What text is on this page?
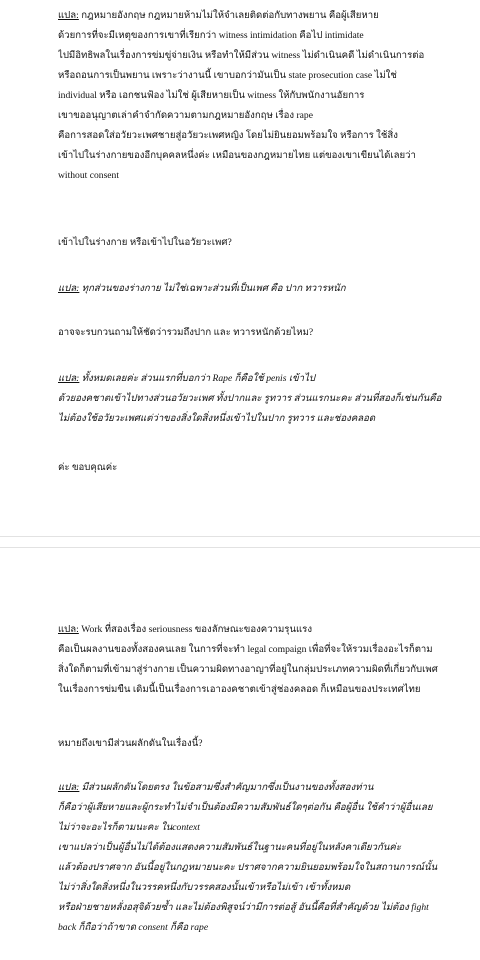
แปล: กฎหมายอังกฤษ กฎหมายห้ามไม่ให้จำเลยติดต่อกับทางพยาน คือผู้เสียหาย
ด้วยการที่จะมีเหตุของการเขาที่เรียกว่า witness intimidation คือไป intimidate
ไปมีอิทธิพลในเรื่องการข่มขู่จ่ายเงิน หรือทำให้มีส่วน witness ไม่ดำเนินคดี ไม่ดำเนินการต่อ
หรือถอนการเป็นพยาน เพราะว่างานนี้ เขาบอกว่ามันเป็น state prosecution case ไม่ใช่
individual หรือ เอกชนฟ้อง ไม่ใช่ ผู้เสียหายเป็น witness ให้กับพนักงานอัยการ
เขาขออนุญาตเล่าคำจำกัดความตามกฎหมายอังกฤษ เรื่อง rape
คือการสอดใส่อวัยวะเพศชายสู่อวัยวะเพศหญิง โดยไม่ยินยอมพร้อมใจ หรือการ ใช้สิ่ง
เข้าไปในร่างกายของอีกบุคคลหนึ่งค่ะ เหมือนของกฎหมายไทย แต่ของเขาเขียนได้เลยว่า
without consent
เข้าไปในร่างกาย หรือเข้าไปในอวัยวะเพศ?
แปล: ทุกส่วนของร่างกาย ไม่ใช่เฉพาะส่วนที่เป็นเพศ คือ ปาก ทวารหนัก
อาจจะรบกวนถามให้ชัดว่ารวมถึงปาก และ ทวารหนักด้วยไหม?
แปล: ทั้งหมดเลยค่ะ ส่วนแรกที่บอกว่า Rape ก็คือใช้ penis เข้าไป
ด้วยองคชาตเข้าไปทางส่วนอวัยวะเพศ ทั้งปากและ รูทวาร ส่วนแรกนะคะ ส่วนที่สองก็เช่นกันคือ
ไม่ต้องใช้อวัยวะเพศแต่ว่าของสิ่งใดสิ่งหนึ่งเข้าไปในปาก รูทวาร และช่องคลอด
ค่ะ ขอบคุณค่ะ
แปล: Work ที่สองเรื่อง seriousness ของลักษณะของความรุนแรง
คือเป็นผลงานของทั้งสองคนเลย ในการที่จะทำ legal compaign เพื่อที่จะให้รวมเรื่องอะไรก็ตาม
สิ่งใดก็ตามที่เข้ามาสู่ร่างกาย เป็นความผิดทางอาญาที่อยู่ในกลุ่มประเภทความผิดที่เกี่ยวกับเพศ
ในเรื่องการข่มขืน เดิมนี้เป็นเรื่องการเอาองคชาตเข้าสู่ช่องคลอด ก็เหมือนของประเทศไทย
หมายถึงเขามีส่วนผลักดันในเรื่องนี้?
แปล: มีส่วนผลักดันโดยตรง ในข้อสามซึ่งสำคัญมากซึ่งเป็นงานของทั้งสองท่าน
ก็คือว่าผู้เสียหายและผู้กระทำไม่จำเป็นต้องมีความสัมพันธ์ใดๆต่อกัน คือผู้อื่น ใช้คำว่าผู้อื่นเลย
ไม่ว่าจะอะไรก็ตามนะคะ ในcontext
เขาแปลว่าเป็นผู้อื่นไม่ได้ต้องแสดงความสัมพันธ์ในฐานะคนที่อยู่ในหลังคาเดียวกันค่ะ
แล้วต้องปราศจาก อันนี้อยู่ในกฎหมายนะคะ ปราศจากความยินยอมพร้อมใจในสถานการณ์นั้น
ไม่ว่าสิ่งใดสิ่งหนึ่งในวรรคหนึ่งกับวรรคสองนั้นเข้าหรือไม่เข้า เข้าทั้งหมด
หรือฝ่ายชายหลั่งอสุจิด้วยซ้ำ และไม่ต้องพิสูจน์ว่ามีการต่อสู้ อันนี้คือที่สำคัญด้วย ไม่ต้อง fight
back ก็ถือว่าถ้าขาด consent ก็คือ rape
